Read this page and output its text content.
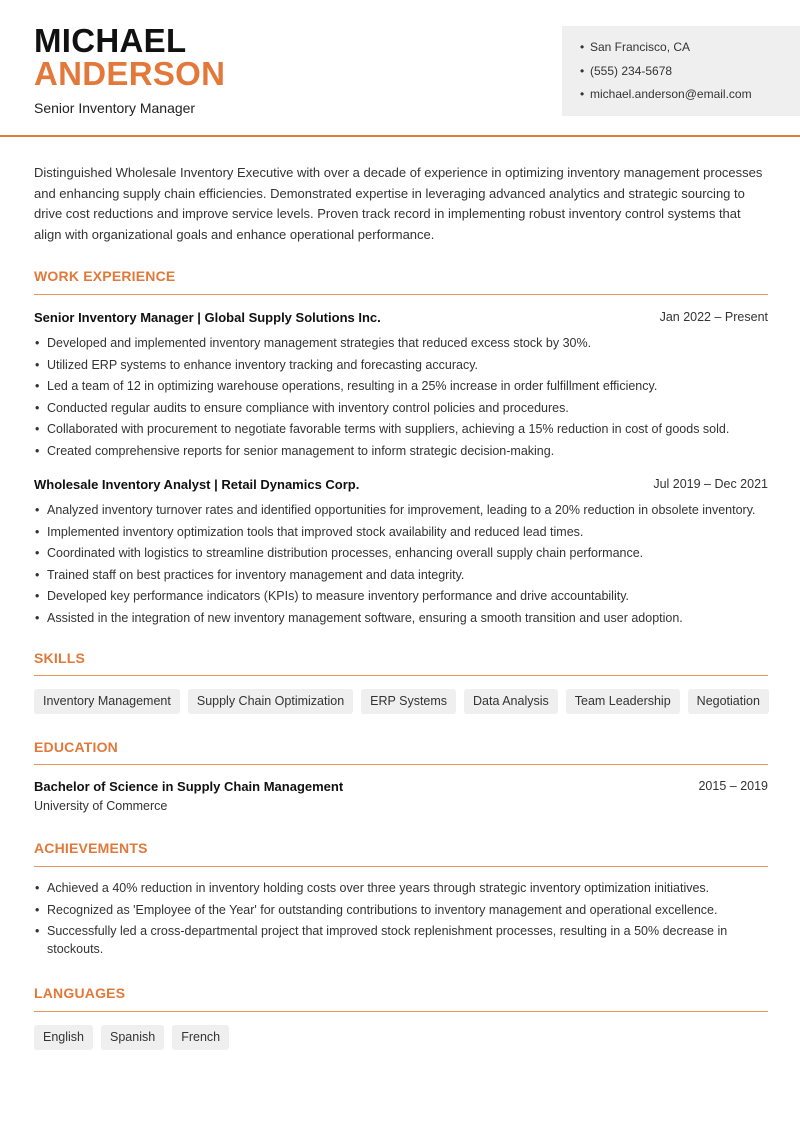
MICHAEL
ANDERSON
Senior Inventory Manager
• San Francisco, CA
• (555) 234-5678
• michael.anderson@email.com

Distinguished Wholesale Inventory Executive with over a decade of experience in optimizing inventory management processes and enhancing supply chain efficiencies. Demonstrated expertise in leveraging advanced analytics and strategic sourcing to drive cost reductions and improve service levels. Proven track record in implementing robust inventory control systems that align with organizational goals and enhance operational performance.

WORK EXPERIENCE
Senior Inventory Manager | Global Supply Solutions Inc.	Jan 2022 – Present
• Developed and implemented inventory management strategies that reduced excess stock by 30%.
• Utilized ERP systems to enhance inventory tracking and forecasting accuracy.
• Led a team of 12 in optimizing warehouse operations, resulting in a 25% increase in order fulfillment efficiency.
• Conducted regular audits to ensure compliance with inventory control policies and procedures.
• Collaborated with procurement to negotiate favorable terms with suppliers, achieving a 15% reduction in cost of goods sold.
• Created comprehensive reports for senior management to inform strategic decision-making.
Wholesale Inventory Analyst | Retail Dynamics Corp.	Jul 2019 – Dec 2021
• Analyzed inventory turnover rates and identified opportunities for improvement, leading to a 20% reduction in obsolete inventory.
• Implemented inventory optimization tools that improved stock availability and reduced lead times.
• Coordinated with logistics to streamline distribution processes, enhancing overall supply chain performance.
• Trained staff on best practices for inventory management and data integrity.
• Developed key performance indicators (KPIs) to measure inventory performance and drive accountability.
• Assisted in the integration of new inventory management software, ensuring a smooth transition and user adoption.
SKILLS
Inventory Management	Supply Chain Optimization	ERP Systems	Data Analysis	Team Leadership	Negotiation
EDUCATION
Bachelor of Science in Supply Chain Management	2015 – 2019
University of Commerce
ACHIEVEMENTS
• Achieved a 40% reduction in inventory holding costs over three years through strategic inventory optimization initiatives.
• Recognized as 'Employee of the Year' for outstanding contributions to inventory management and operational excellence.
• Successfully led a cross-departmental project that improved stock replenishment processes, resulting in a 50% decrease in stockouts.
LANGUAGES
English	Spanish	French
